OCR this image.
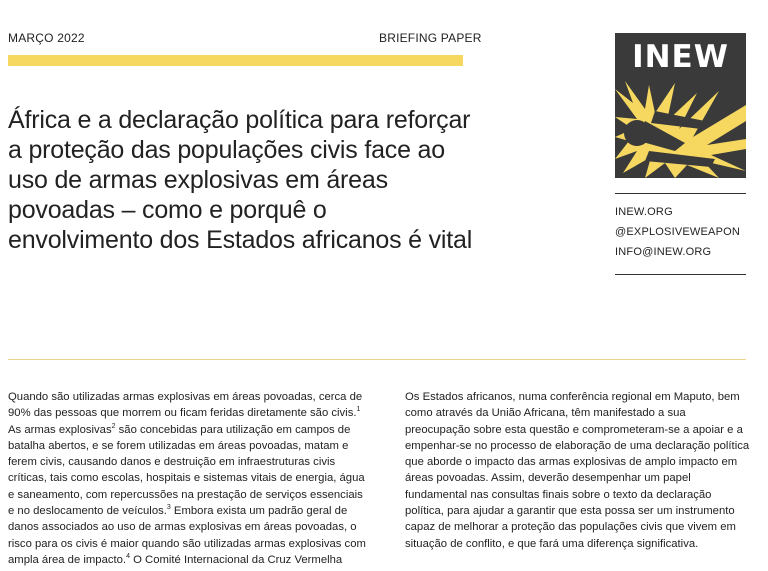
MARÇO 2022	BRIEFING PAPER
África e a declaração política para reforçar a proteção das populações civis face ao uso de armas explosivas em áreas povoadas – como e porquê o envolvimento dos Estados africanos é vital
INEW
INEW.ORG
@EXPLOSIVEWEAPON
INFO@INEW.ORG

Quando são utilizadas armas explosivas em áreas povoadas, cerca de 90% das pessoas que morrem ou ficam feridas diretamente são civis.$^1$ As armas explosivas$^2$ são concebidas para utilização em campos de batalha abertos, e se forem utilizadas em áreas povoadas, matam e ferem civis, causando danos e destruição em infraestruturas civis críticas, tais como escolas, hospitais e sistemas vitais de energia, água e saneamento, com repercussões na prestação de serviços essenciais e no deslocamento de veículos.$^3$ Embora exista um padrão geral de danos associados ao uso de armas explosivas em áreas povoadas, o risco para os civis é maior quando são utilizadas armas explosivas com ampla área de impacto.$^4$ O Comité Internacional da Cruz Vermelha

Os Estados africanos, numa conferência regional em Maputo, bem como através da União Africana, têm manifestado a sua preocupação sobre esta questão e comprometeram-se a apoiar e a empenhar-se no processo de elaboração de uma declaração política que aborde o impacto das armas explosivas de amplo impacto em áreas povoadas. Assim, deverão desempenhar um papel fundamental nas consultas finais sobre o texto da declaração política, para ajudar a garantir que esta possa ser um instrumento capaz de melhorar a proteção das populações civis que vivem em situação de conflito, e que fará uma diferença significativa.
